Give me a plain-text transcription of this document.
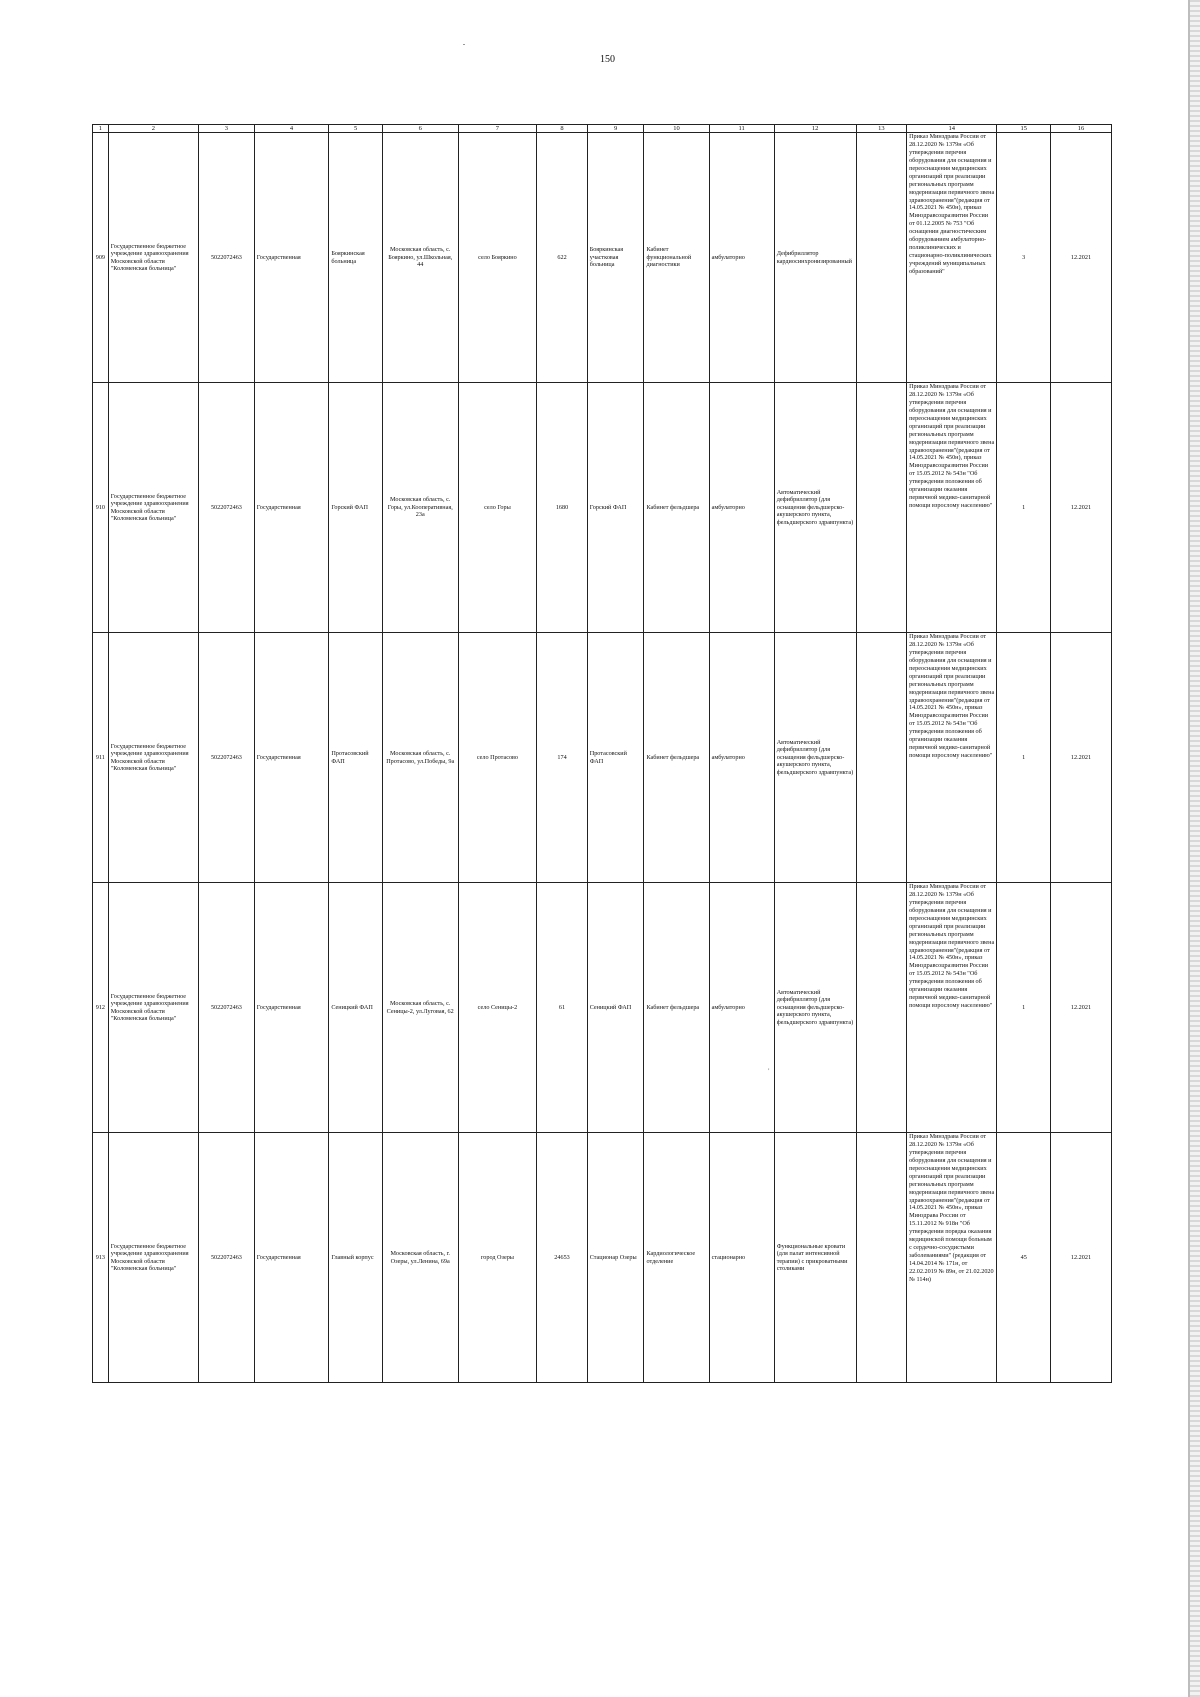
150
,
1	2	3	4	5	6	7	8	9	10	11	12	13	14	15	16
909	Государственное бюджетное учреждение здравоохранения Московской области "Коломенская больница"	5022072463	Государственная	Бояркинская больница	Московская область, с. Бояркино, ул.Школьная, 44	село Бояркино	622	Бояркинская участковая больница	Кабинет функциональной диагностики	амбулаторно	Дефибриллятор кардиосинхронизированный		Приказ Минздрава России от 28.12.2020 № 1379н «Об утверждении перечня оборудования для оснащения и переоснащения медицинских организаций при реализации региональных программ модернизации первичного звена здравоохранения"(редакция от 14.05.2021 № 450н), приказ Минздравсоцразвития России от 01.12.2005 № 753 "Об оснащении диагностическим оборудованием амбулаторно-поликлинических и стационарно-поликлинических учреждений муниципальных образований"	3	12.2021
910	Государственное бюджетное учреждение здравоохранения Московской области "Коломенская больница"	5022072463	Государственная	Горский ФАП	Московская область, с. Горы, ул.Кооперативная, 23а	село Горы	1680	Горский ФАП	Кабинет фельдшера	амбулаторно	Автоматический дефибриллятор (для оснащения фельдшерско-акушерского пункта, фельдшерского здравпункта)		Приказ Минздрава России от 28.12.2020 № 1379н «Об утверждении перечня оборудования для оснащения и переоснащения медицинских организаций при реализации региональных программ модернизации первичного звена здравоохранения"(редакция от 14.05.2021 № 450н), приказ Минздравсоцразвития России от 15.05.2012 № 543н "Об утверждении положения об организации оказания первичной медико-санитарной помощи взрослому населению"	1	12.2021
911	Государственное бюджетное учреждение здравоохранения Московской области "Коломенская больница"	5022072463	Государственная	Протасовский ФАП	Московская область, с. Протасово, ул.Победы, 9а	село Протасово	174	Протасовский ФАП	Кабинет фельдшера	амбулаторно	Автоматический дефибриллятор (для оснащения фельдшерско-акушерского пункта, фельдшерского здравпункта)		Приказ Минздрава России от 28.12.2020 № 1379н «Об утверждении перечня оборудования для оснащения и переоснащения медицинских организаций при реализации региональных программ модернизации первичного звена здравоохранения"(редакция от 14.05.2021 № 450н», приказ Минздравсоцразвития России от 15.05.2012 № 543н "Об утверждении положения об организации оказания первичной медико-санитарной помощи взрослому населению"	1	12.2021
912	Государственное бюджетное учреждение здравоохранения Московской области "Коломенская больница"	5022072463	Государственная	Сеницкий ФАП	Московская область, с. Сеницы-2, ул.Луговая, 62	село Сеницы-2	61	Сеницкий ФАП	Кабинет фельдшера	амбулаторно	Автоматический дефибриллятор (для оснащения фельдшерско-акушерского пункта, фельдшерского здравпункта)		Приказ Минздрава России от 28.12.2020 № 1379н «Об утверждении перечня оборудования для оснащения и переоснащения медицинских организаций при реализации региональных программ модернизации первичного звена здравоохранения"(редакция от 14.05.2021 № 450н», приказ Минздравсоцразвития России от 15.05.2012 № 543н "Об утверждении положения об организации оказания первичной медико-санитарной помощи взрослому населению"	1	12.2021
913	Государственное бюджетное учреждение здравоохранения Московской области "Коломенская больница"	5022072463	Государственная	Главный корпус	Московская область, г. Озеры, ул.Ленина, 69а	город Озеры	24653	Стационар Озеры	Кардиологическое отделение	стационарно	Функциональные кровати (для палат интенсивной терапии) с прикроватными столиками		Приказ Минздрава России от 28.12.2020 № 1379н «Об утверждении перечня оборудования для оснащения и переоснащения медицинских организаций при реализации региональных программ модернизации первичного звена здравоохранения"(редакция от 14.05.2021 № 450н», приказ Минздрава России от 15.11.2012 № 918н "Об утверждении порядка оказания медицинской помощи больным с сердечно-сосудистыми заболеваниями" (редакция от 14.04.2014 № 171н, от 22.02.2019 № 89н, от 21.02.2020 № 114н)	45	12.2021
